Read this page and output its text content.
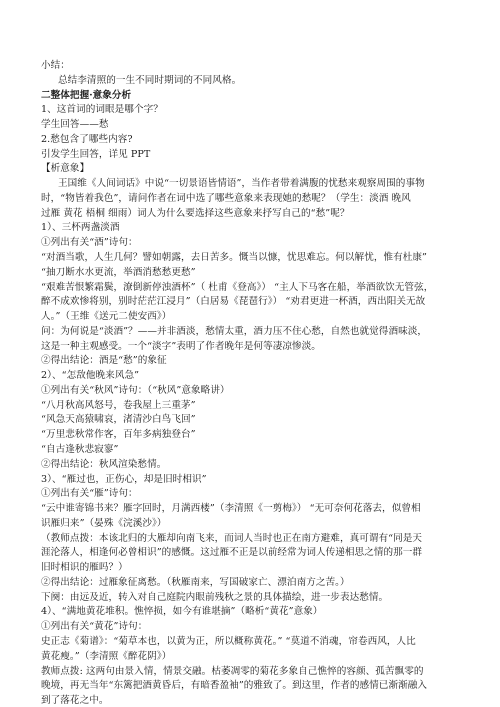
小结：
总结李清照的一生不同时期词的不同风格。
二整体把握·意象分析
1、这首词的词眼是哪个字？
学生回答——愁
2.愁包含了哪些内容?
引发学生回答，详见 PPT
【析意象】
王国维《人间词话》中说“一切景语皆情语”，当作者带着满腹的忧愁来观察周围的事物
时，“物皆着我色”，请问作者在词中选了哪些意象来表现她的愁呢？（学生：淡酒 晚风
过雁 黄花 梧桐 细雨）词人为什么要选择这些意象来抒写自己的“愁”呢？
1）、三杯两盏淡酒
①列出有关“酒”诗句：
“对酒当歌，人生几何？譬如朝露，去日苦多。慨当以慷，忧思难忘。何以解忧，惟有杜康”
“抽刀断水水更流，举酒消愁愁更愁”
“艰难苦恨繁霜鬓，潦倒新停浊酒杯”（ 杜甫《登高》） “主人下马客在船，举酒欲饮无管弦，
醉不成欢惨将别，别时茫茫江浸月”（白居易《琵琶行》） “劝君更进一杯酒，西出阳关无故
人。”（王维《送元二使安西》）
问：为何说是“淡酒”？——并非酒淡，愁情太重，酒力压不住心愁，自然也就觉得酒味淡，
这是一种主观感受。一个“淡字”表明了作者晚年是何等凄凉惨淡。
②得出结论：酒是“愁”的象征
2）、“怎敌他晚来风急”
①列出有关“秋风”诗句：（“秋风”意象略讲）
“八月秋高风怒号，卷我屋上三重茅”
“风急天高猿啸哀，渚清沙白鸟飞回”
“万里悲秋常作客，百年多病独登台”
“自古逢秋悲寂寥”
②得出结论：秋风渲染愁情。
3）、“雁过也，正伤心，却是旧时相识”
①列出有关“雁”诗句：
“云中谁寄锦书来？雁字回时，月满西楼”（李清照《一剪梅》） “无可奈何花落去，似曾相
识雁归来”（晏殊《浣溪沙》）
（教师点拨：本该北归的大雁却向南飞来，而词人当时也正在南方避难，真可谓有“同是天
涯沦落人，相逢何必曾相识”的感慨。这过雁不正是以前经常为词人传递相思之情的那一群
旧时相识的雁吗？）
②得出结论：过雁象征离愁。（秋雁南来，写国破家亡、漂泊南方之苦。）
下阕：由远及近，转入对自己庭院内眼前残秋之景的具体描绘，进一步表达愁情。
4）、“满地黄花堆积。憔悴损，如今有谁堪摘”（略析“黄花”意象）
①列出有关“黄花”诗句：
史正志《菊谱》：“菊草本也，以黄为正，所以概称黄花。” “莫道不消魂，帘卷西风，人比
黄花瘦。”（李清照《醉花阴》）
教师点拨: 这两句由景入情，情景交融。枯萎凋零的菊花多象自己憔悴的容颜、孤苦飘零的
晚境，再无当年“东篱把酒黄昏后，有暗香盈袖”的雅致了。到这里，作者的感情已渐渐融入
到了落花之中。
